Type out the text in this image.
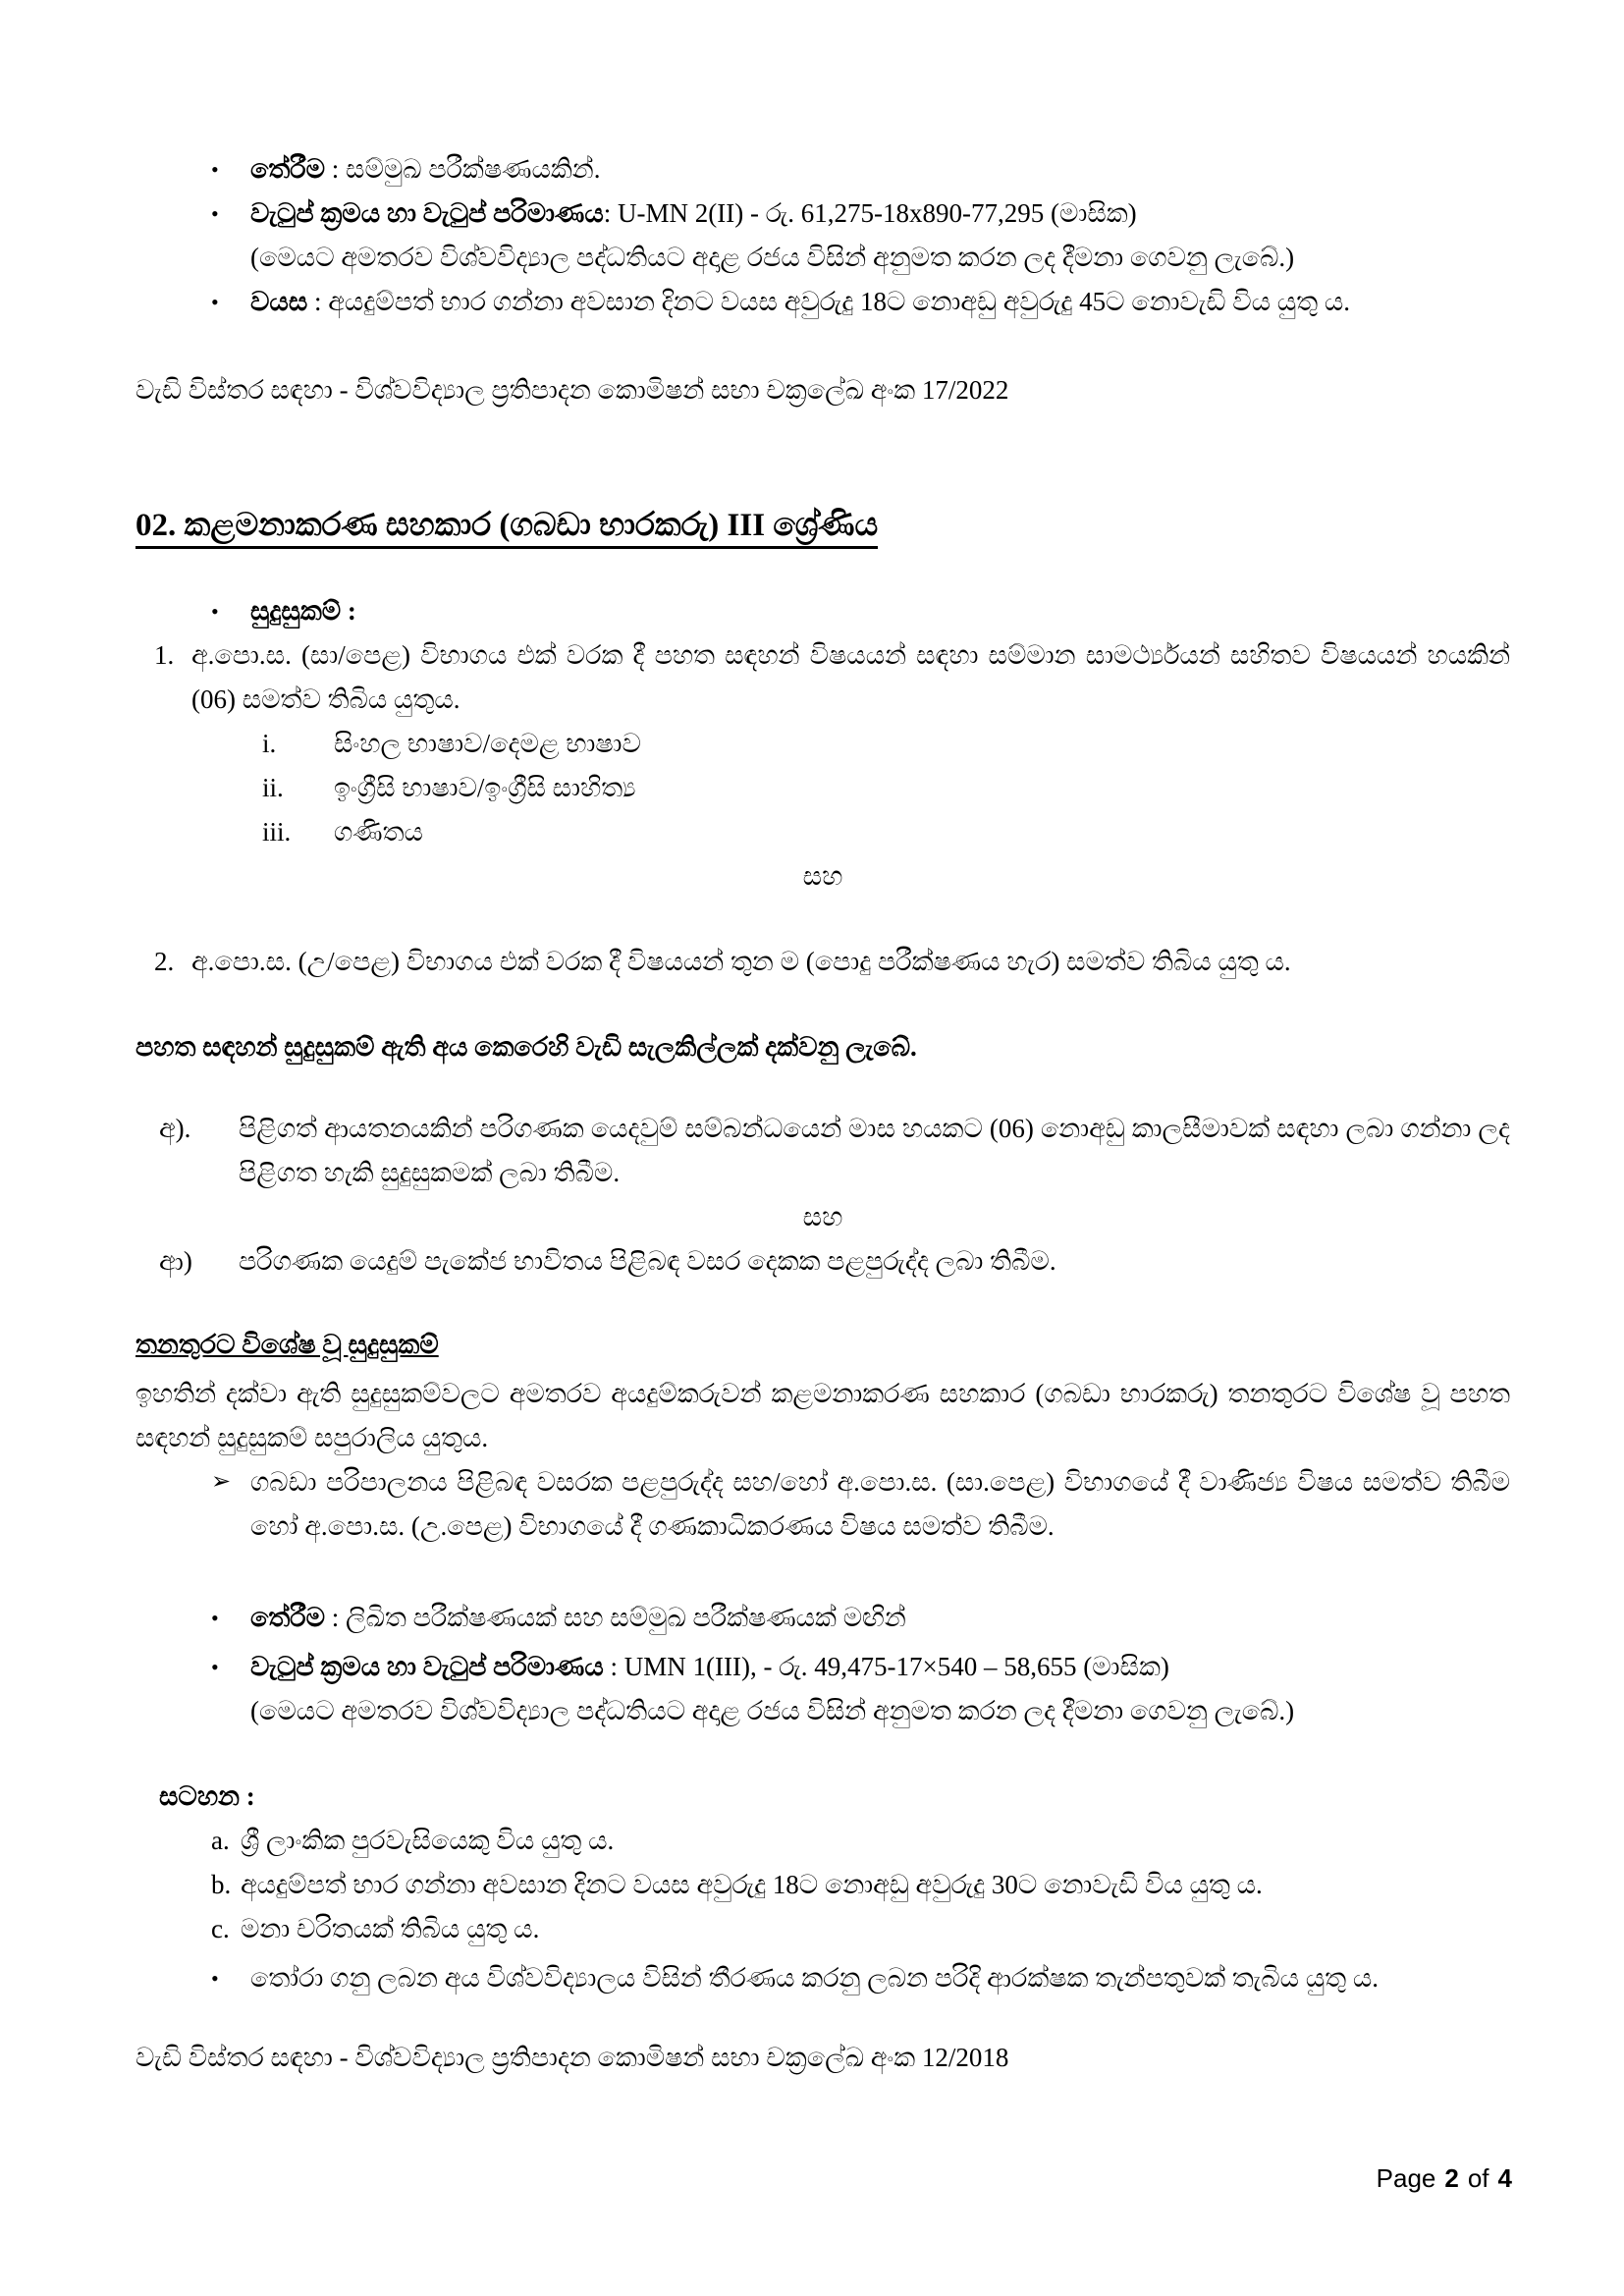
•	තේරීම : සම්මුඛ පරීක්ෂණයකින්.
•	වැටුප් ක්‍රමය හා වැටුප් පරිමාණය: U-MN 2(II) - රු. 61,275-18x890-77,295 (මාසික)
(මෙයට අමතරව විශ්වවිද්‍යාල පද්ධතියට අදාළ රජය විසින් අනුමත කරන ලද දීමනා ගෙවනු ලැබේ.)
•	වයස : අයදුම්පත් භාර ගන්නා අවසාන දිනට වයස අවුරුදු 18ට නොඅඩු අවුරුදු 45ට නොවැඩි විය යුතු ය.
වැඩි විස්තර සඳහා - විශ්වවිද්‍යාල ප්‍රතිපාදන කොමිෂන් සභා චක්‍රලේඛ අංක 17/2022
02. කළමනාකරණ සහකාර (ගබඩා භාරකරු) III ශ්‍රේණිය
•	සුදුසුකම් :
1. අ.පො.ස. (සා/පෙළ) විභාගය එක් වරක දී පහත සඳහන් විෂයයන් සඳහා සම්මාන සාමර්ථ්‍යයන් සහිතව විෂයයන් හයකින් (06) සමත්ව තිබිය යුතුය.
i.	සිංහල භාෂාව/දෙමළ භාෂාව
ii.	ඉංග්‍රීසි භාෂාව/ඉංග්‍රීසි සාහිත්‍ය
iii.	ගණිතය
සහ
2. අ.පො.ස. (උ/පෙළ) විභාගය එක් වරක දී විෂයයන් තුන ම (පොදු පරීක්ෂණය හැර) සමත්ව තිබිය යුතු ය.
පහත සඳහන් සුදුසුකම් ඇති අය කෙරෙහි වැඩි සැලකිල්ලක් දක්වනු ලැබේ.
අ).	පිළිගත් ආයතනයකින් පරිගණක යෙදවුම් සම්බන්ධයෙන් මාස හයකට (06) නොඅඩු කාලසීමාවක් සඳහා ලබා ගන්නා ලද පිළිගත හැකි සුදුසුකමක් ලබා තිබීම.
සහ
ආ)	පරිගණක යෙදුම් පැකේජ භාවිතය පිළිබඳ වසර දෙකක පළපුරුද්ද ලබා තිබීම.
තනතුරට විශේෂ වූ සුදුසුකම්
ඉහතින් දක්වා ඇති සුදුසුකම්වලට අමතරව අයදුම්කරුවන් කළමනාකරණ සහකාර (ගබඩා භාරකරු) තනතුරට විශේෂ වූ පහත සඳහන් සුදුසුකම් සපුරාලිය යුතුය.
➢ ගබඩා පරිපාලනය පිළිබඳ වසරක පළපුරුද්ද සහ/හෝ අ.පො.ස. (සා.පෙළ) විභාගයේ දී වාණිජ්‍ය විෂය සමත්ව තිබීම හෝ අ.පො.ස. (උ.පෙළ) විභාගයේ දී ගණකාධිකරණය විෂය සමත්ව තිබීම.
•	තේරීම : ලිඛිත පරීක්ෂණයක් සහ සම්මුඛ පරීක්ෂණයක් මඟින්
•	වැටුප් ක්‍රමය හා වැටුප් පරිමාණය : UMN 1(III), - රු. 49,475-17×540 – 58,655 (මාසික)
(මෙයට අමතරව විශ්වවිද්‍යාල පද්ධතියට අදාළ රජය විසින් අනුමත කරන ලද දීමනා ගෙවනු ලැබේ.)
සටහන :
a. ශ්‍රී ලාංකික පුරවැසියෙකු විය යුතු ය.
b. අයදුම්පත් භාර ගන්නා අවසාන දිනට වයස අවුරුදු 18ට නොඅඩු අවුරුදු 30ට නොවැඩි විය යුතු ය.
c. මනා චරිතයක් තිබිය යුතු ය.
•	තෝරා ගනු ලබන අය විශ්වවිද්‍යාලය විසින් තීරණය කරනු ලබන පරිදි ආරක්ෂක තැන්පතුවක් තැබිය යුතු ය.
වැඩි විස්තර සඳහා - විශ්වවිද්‍යාල ප්‍රතිපාදන කොමිෂන් සභා චක්‍රලේඛ අංක 12/2018
Page 2 of 4
